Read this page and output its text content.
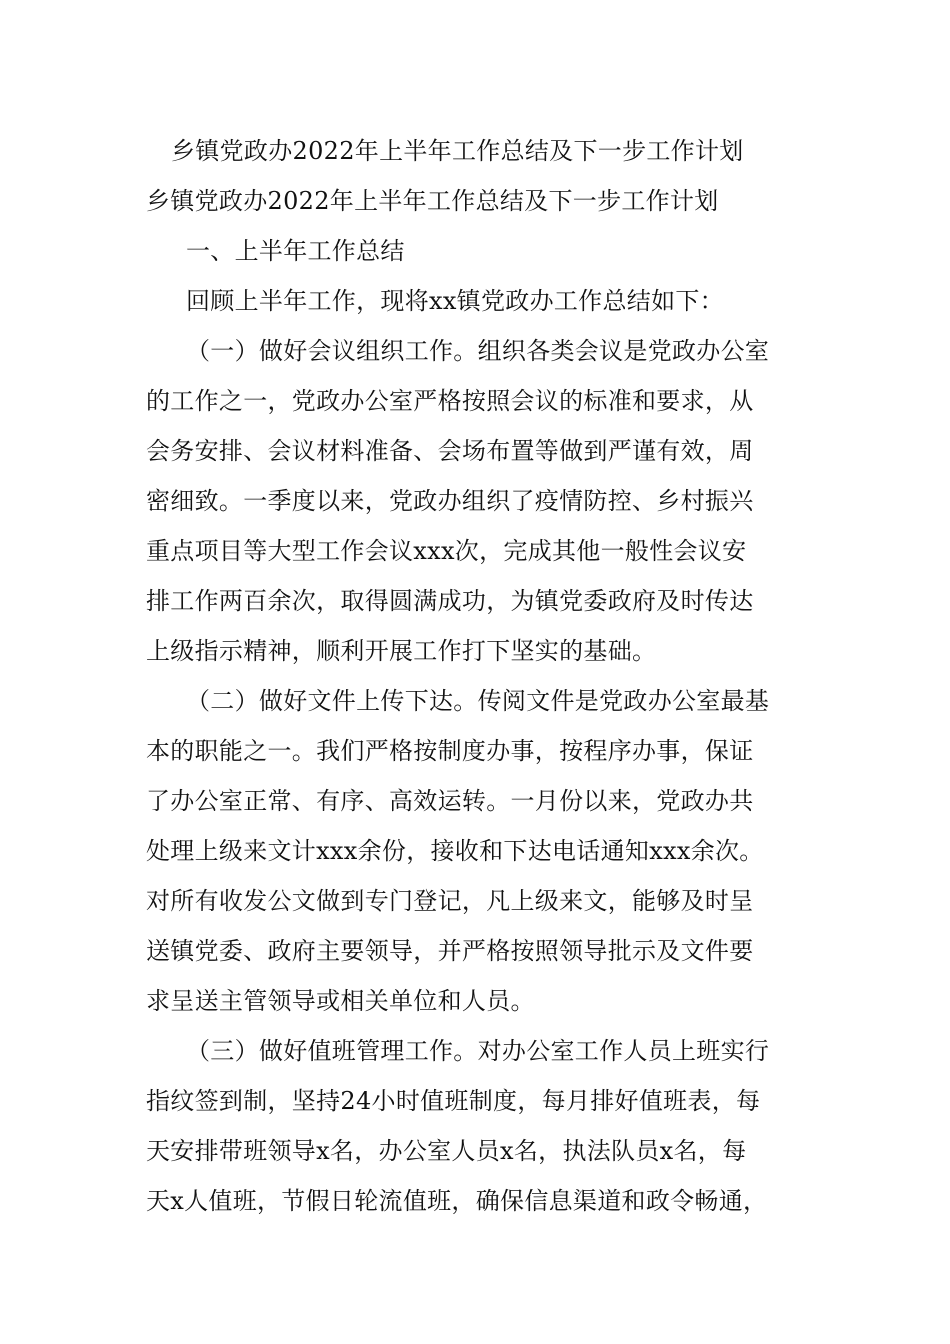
乡镇党政办2022年上半年工作总结及下一步工作计划
乡镇党政办2022年上半年工作总结及下一步工作计划
一、上半年工作总结
回顾上半年工作，现将xx镇党政办工作总结如下：
（一）做好会议组织工作。组织各类会议是党政办公室
的工作之一，党政办公室严格按照会议的标准和要求，从
会务安排、会议材料准备、会场布置等做到严谨有效，周
密细致。一季度以来，党政办组织了疫情防控、乡村振兴
重点项目等大型工作会议xxx次，完成其他一般性会议安
排工作两百余次，取得圆满成功，为镇党委政府及时传达
上级指示精神，顺利开展工作打下坚实的基础。
（二）做好文件上传下达。传阅文件是党政办公室最基
本的职能之一。我们严格按制度办事，按程序办事，保证
了办公室正常、有序、高效运转。一月份以来，党政办共
处理上级来文计xxx余份，接收和下达电话通知xxx余次。
对所有收发公文做到专门登记，凡上级来文，能够及时呈
送镇党委、政府主要领导，并严格按照领导批示及文件要
求呈送主管领导或相关单位和人员。
（三）做好值班管理工作。对办公室工作人员上班实行
指纹签到制，坚持24小时值班制度，每月排好值班表，每
天安排带班领导x名，办公室人员x名，执法队员x名，每
天x人值班，节假日轮流值班，确保信息渠道和政令畅通，
